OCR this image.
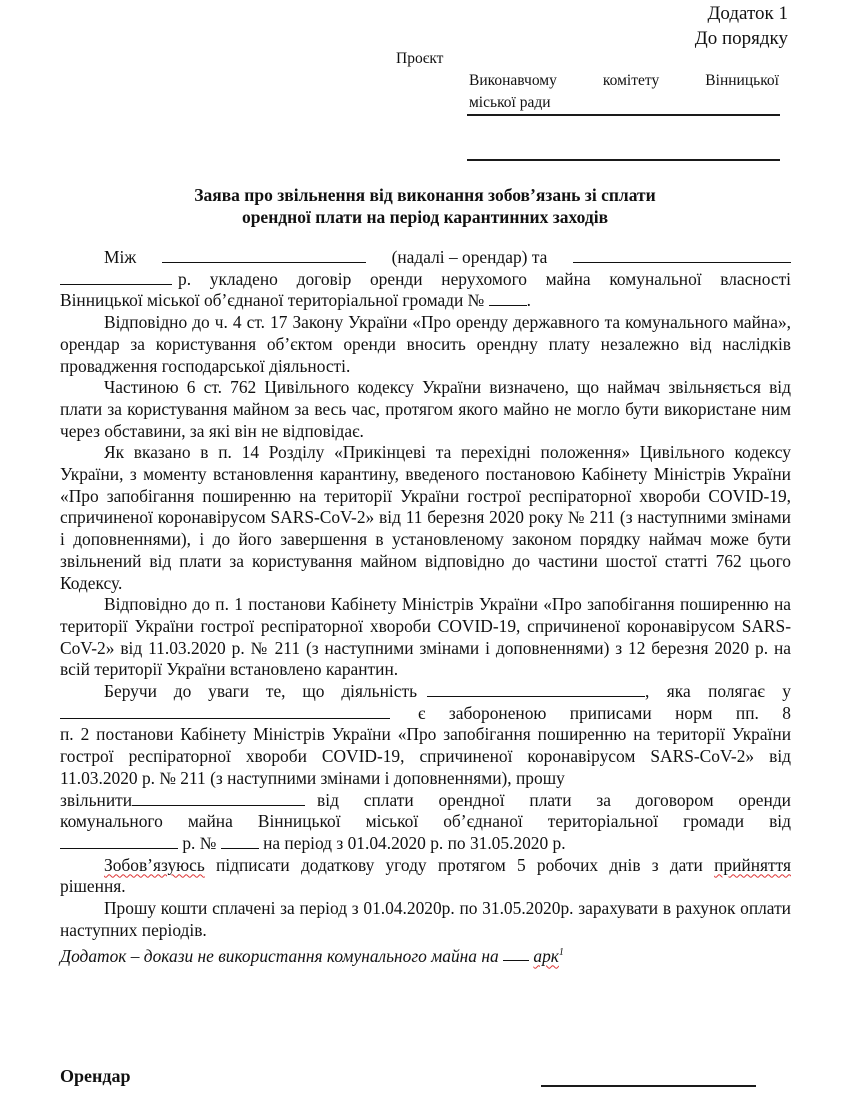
Додаток 1
До порядку
Проєкт
Виконавчому	комітету	Вінницької
міської ради
Заява про звільнення від виконання зобов’язань зі сплати
орендної плати на період карантинних заходів
Між	(надалі – орендар) та
р. укладено договір оренди нерухомого майна комунальної власності
Вінницької міської об’єднаної територіальної громади № .

Відповідно до ч. 4 ст. 17 Закону України «Про оренду державного та комунального майна», орендар за користування об’єктом оренди вносить орендну плату незалежно від наслідків провадження господарської діяльності.

Частиною 6 ст. 762 Цивільного кодексу України визначено, що наймач звільняється від плати за користування майном за весь час, протягом якого майно не могло бути використане ним через обставини, за які він не відповідає.

Як вказано в п. 14 Розділу «Прикінцеві та перехідні положення» Цивільного кодексу України, з моменту встановлення карантину, введеного постановою Кабінету Міністрів України «Про запобігання поширенню на території України гострої респіраторної хвороби COVID-19, спричиненої коронавірусом SARS-CoV-2» від 11 березня 2020 року № 211 (з наступними змінами і доповненнями), і до його завершення в установленому законом порядку наймач може бути звільнений від плати за користування майном відповідно до частини шостої статті 762 цього Кодексу.

Відповідно до п. 1 постанови Кабінету Міністрів України «Про запобігання поширенню на території України гострої респіраторної хвороби COVID-19, спричиненої коронавірусом SARS-CoV-2» від 11.03.2020 р. № 211 (з наступними змінами і доповненнями) з 12 березня 2020 р. на всій території України встановлено карантин.

Беручи до уваги те, що діяльність	, яка полягає у
є забороненою приписами норм пп. 8

п. 2 постанови Кабінету Міністрів України «Про запобігання поширенню на території України гострої респіраторної хвороби COVID-19, спричиненої коронавірусом SARS-CoV-2» від 11.03.2020 р. № 211 (з наступними змінами і доповненнями), прошу

звільнити	від сплати орендної плати за договором оренди
комунального майна Вінницької міської об’єднаної територіальної громади від
р. №	на період з 01.04.2020 р. по 31.05.2020 р.

Зобов’язуюсь підписати додаткову угоду протягом 5 робочих днів з дати прийняття рішення.

Прошу кошти сплачені за період з 01.04.2020р. по 31.05.2020р. зарахувати в рахунок оплати наступних періодів.

Додаток – докази не використання комунального майна на арк$^1$
Орендар
